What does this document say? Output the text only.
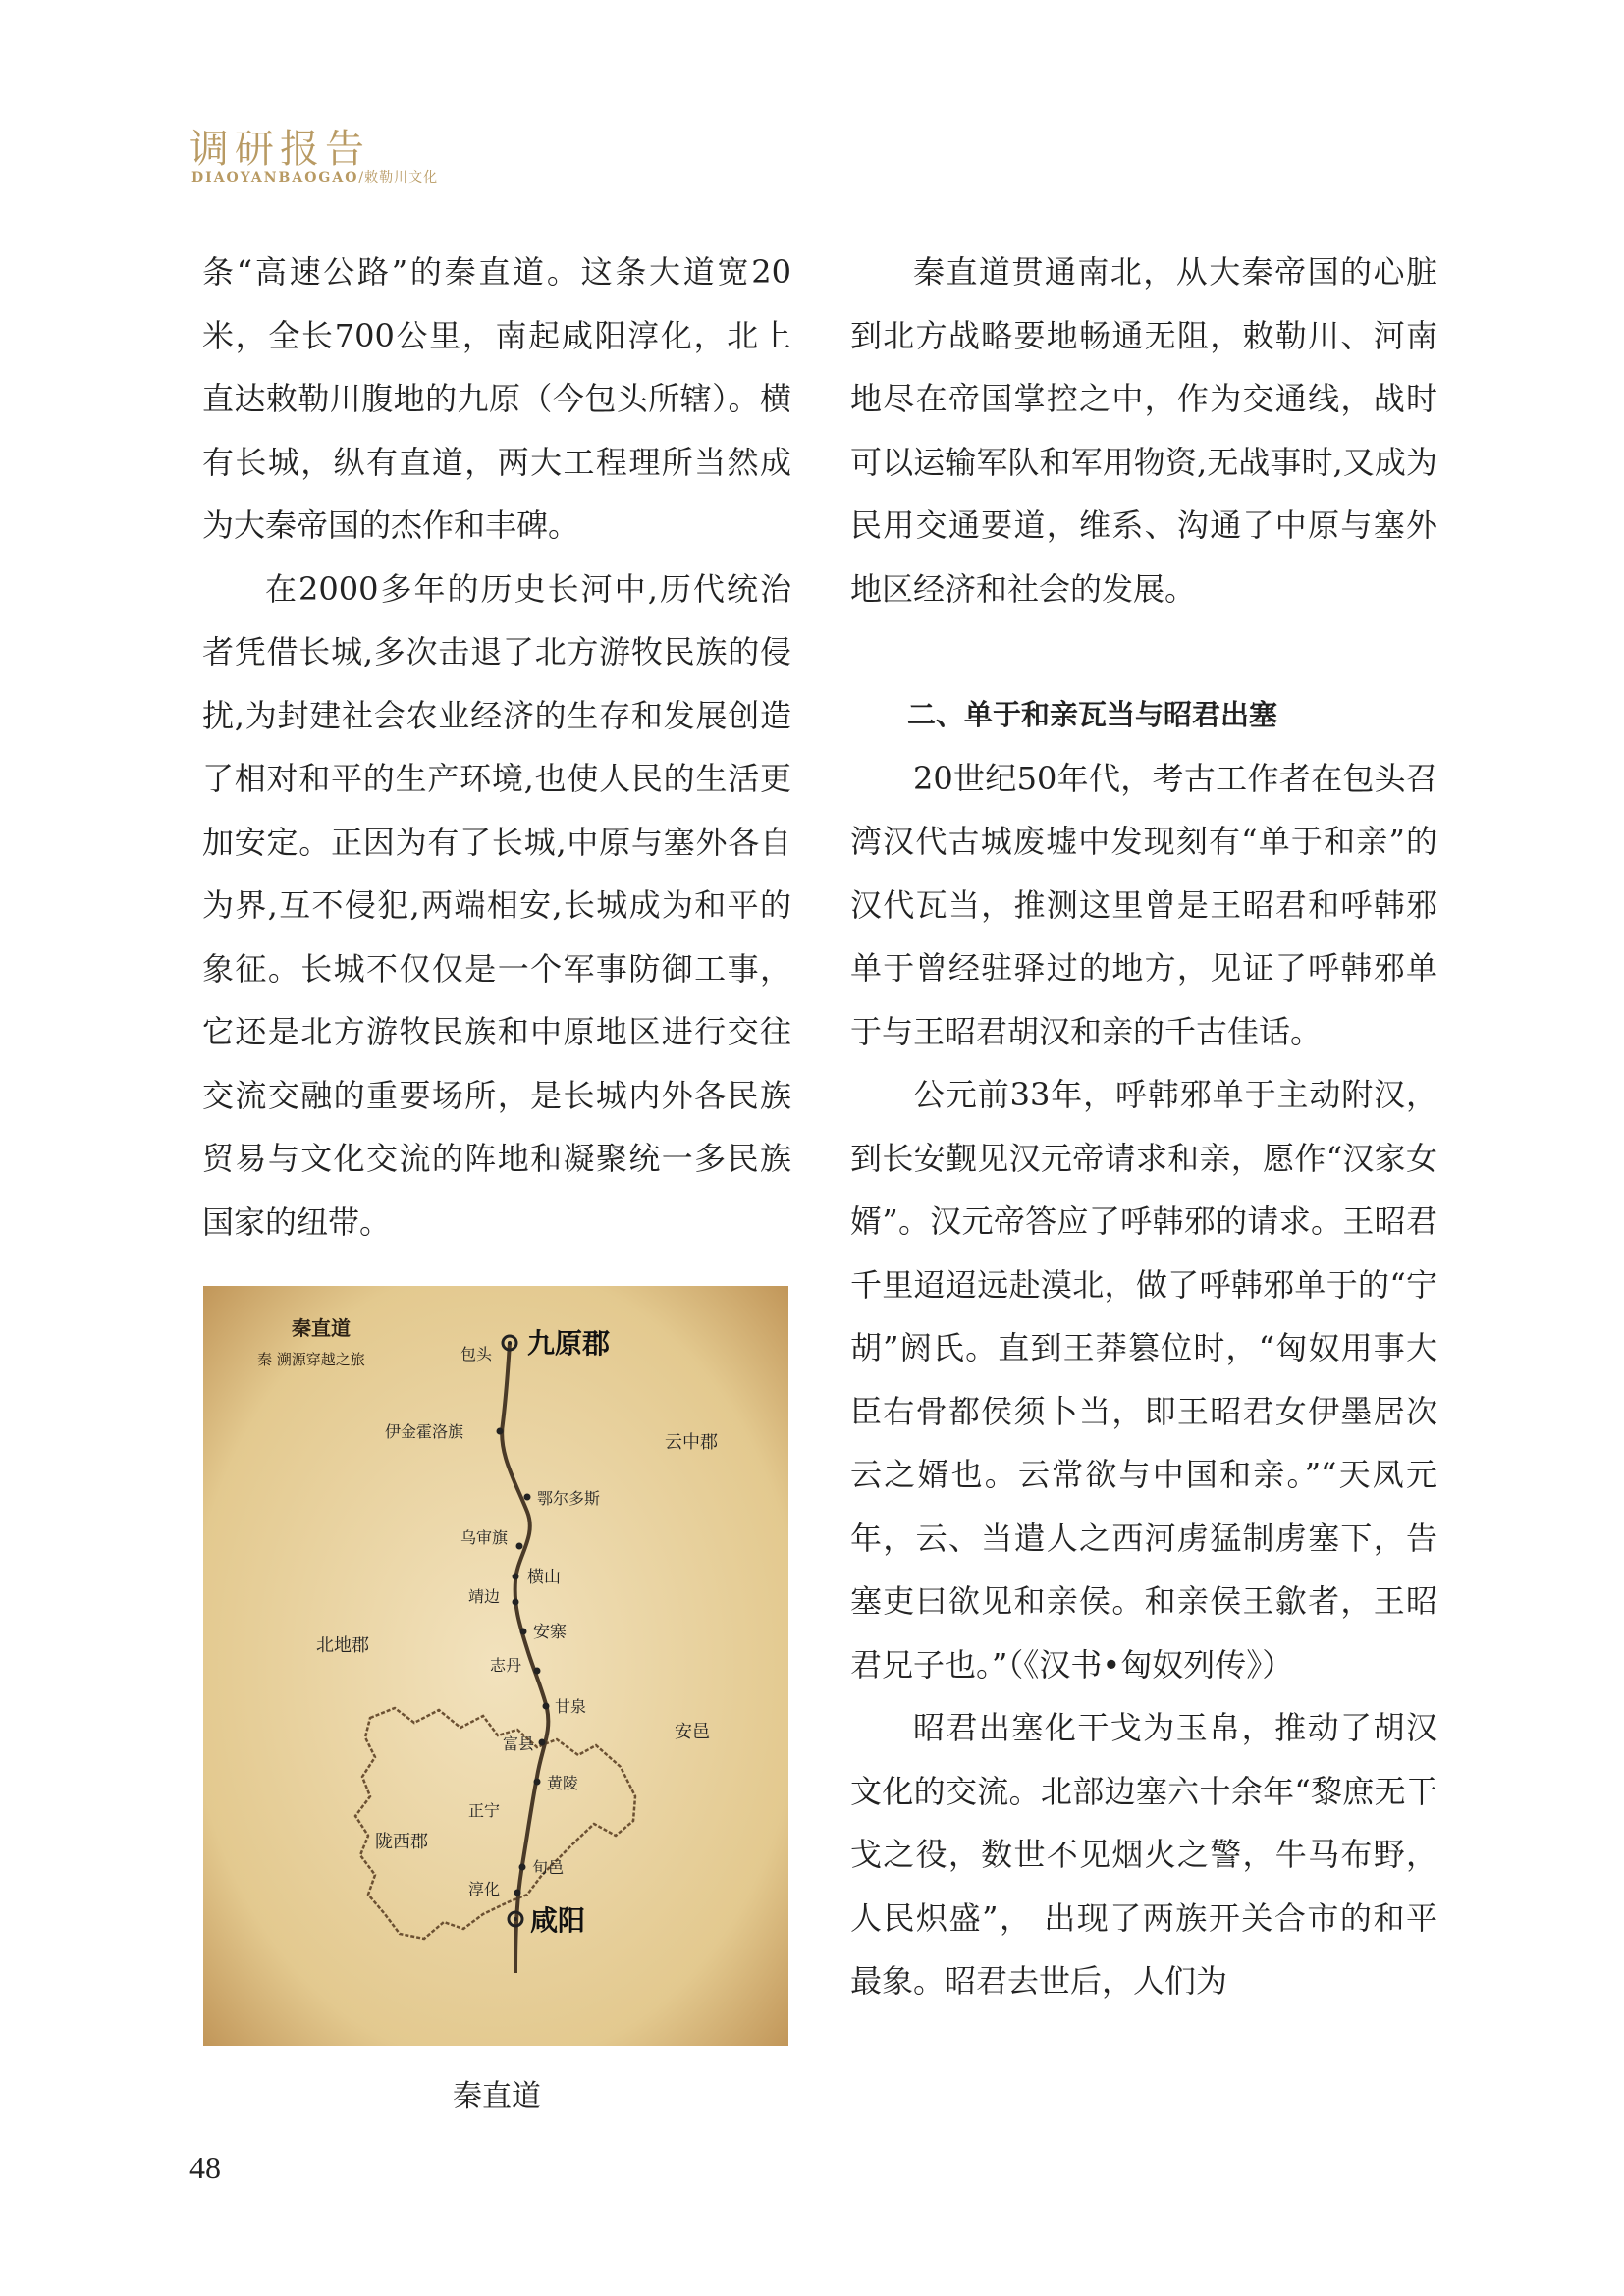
调研报告
DIAOYANBAOGAO/敕勒川文化

条“高速公路”的秦直道。这条大道宽20米，全长700公里，南起咸阳淳化，北上直达敕勒川腹地的九原（今包头所辖）。横有长城，纵有直道，两大工程理所当然成为大秦帝国的杰作和丰碑。

在2000多年的历史长河中,历代统治者凭借长城,多次击退了北方游牧民族的侵扰,为封建社会农业经济的生存和发展创造了相对和平的生产环境,也使人民的生活更加安定。正因为有了长城,中原与塞外各自为界,互不侵犯,两端相安,长城成为和平的象征。长城不仅仅是一个军事防御工事，它还是北方游牧民族和中原地区进行交往交流交融的重要场所，是长城内外各民族贸易与文化交流的阵地和凝聚统一多民族国家的纽带。

秦直道
秦 溯源穿越之旅	九原郡
包头
伊金霍洛旗
云中郡
鄂尔多斯
乌审旗
横山
靖边
安寨
北地郡
志丹
甘泉
安邑
富县
黄陵
正宁
陇西郡
旬邑
淳化
咸阳
秦直道

秦直道贯通南北，从大秦帝国的心脏到北方战略要地畅通无阻，敕勒川、河南地尽在帝国掌控之中，作为交通线，战时可以运输军队和军用物资,无战事时,又成为民用交通要道，维系、沟通了中原与塞外地区经济和社会的发展。

二、单于和亲瓦当与昭君出塞

20世纪50年代，考古工作者在包头召湾汉代古城废墟中发现刻有“单于和亲”的汉代瓦当，推测这里曾是王昭君和呼韩邪单于曾经驻驿过的地方，见证了呼韩邪单于与王昭君胡汉和亲的千古佳话。

公元前33年，呼韩邪单于主动附汉，到长安觐见汉元帝请求和亲，愿作“汉家女婿”。汉元帝答应了呼韩邪的请求。王昭君千里迢迢远赴漠北，做了呼韩邪单于的“宁胡”阏氏。直到王莽篡位时，“匈奴用事大臣右骨都侯须卜当，即王昭君女伊墨居次云之婿也。云常欲与中国和亲。”“天凤元年，云、当遣人之西河虏猛制虏塞下，告塞吏曰欲见和亲侯。和亲侯王歙者，王昭君兄子也。”（《汉书•匈奴列传》）

昭君出塞化干戈为玉帛，推动了胡汉文化的交流。北部边塞六十余年“黎庶无干戈之役，数世不见烟火之警，牛马布野，人民炽盛”， 出现了两族开关合市的和平最象。昭君去世后，人们为

48
